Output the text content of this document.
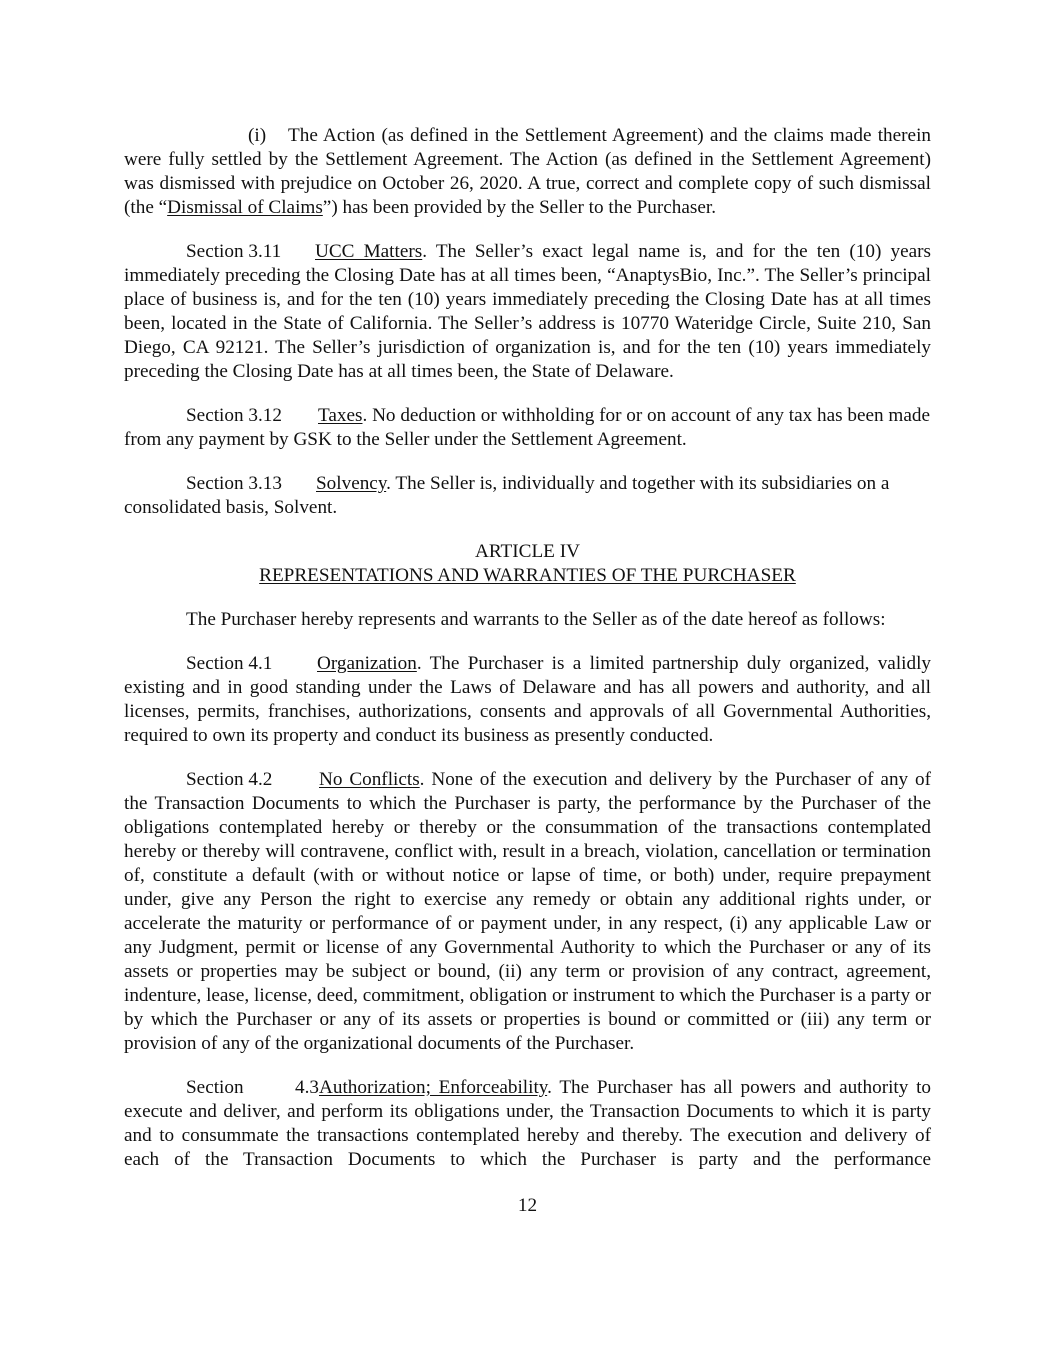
(i) The Action (as defined in the Settlement Agreement) and the claims made therein were fully settled by the Settlement Agreement. The Action (as defined in the Settlement Agreement) was dismissed with prejudice on October 26, 2020. A true, correct and complete copy of such dismissal (the “Dismissal of Claims”) has been provided by the Seller to the Purchaser.

Section 3.11 UCC Matters. The Seller’s exact legal name is, and for the ten (10) years immediately preceding the Closing Date has at all times been, “AnaptysBio, Inc.”. The Seller’s principal place of business is, and for the ten (10) years immediately preceding the Closing Date has at all times been, located in the State of California. The Seller’s address is 10770 Wateridge Circle, Suite 210, San Diego, CA 92121. The Seller’s jurisdiction of organization is, and for the ten (10) years immediately preceding the Closing Date has at all times been, the State of Delaware.

Section 3.12 Taxes. No deduction or withholding for or on account of any tax has been made from any payment by GSK to the Seller under the Settlement Agreement.

Section 3.13 Solvency. The Seller is, individually and together with its subsidiaries on a consolidated basis, Solvent.

ARTICLE IV
REPRESENTATIONS AND WARRANTIES OF THE PURCHASER

The Purchaser hereby represents and warrants to the Seller as of the date hereof as follows:

Section 4.1 Organization. The Purchaser is a limited partnership duly organized, validly existing and in good standing under the Laws of Delaware and has all powers and authority, and all licenses, permits, franchises, authorizations, consents and approvals of all Governmental Authorities, required to own its property and conduct its business as presently conducted.

Section 4.2 No Conflicts. None of the execution and delivery by the Purchaser of any of the Transaction Documents to which the Purchaser is party, the performance by the Purchaser of the obligations contemplated hereby or thereby or the consummation of the transactions contemplated hereby or thereby will contravene, conflict with, result in a breach, violation, cancellation or termination of, constitute a default (with or without notice or lapse of time, or both) under, require prepayment under, give any Person the right to exercise any remedy or obtain any additional rights under, or accelerate the maturity or performance of or payment under, in any respect, (i) any applicable Law or any Judgment, permit or license of any Governmental Authority to which the Purchaser or any of its assets or properties may be subject or bound, (ii) any term or provision of any contract, agreement, indenture, lease, license, deed, commitment, obligation or instrument to which the Purchaser is a party or by which the Purchaser or any of its assets or properties is bound or committed or (iii) any term or provision of any of the organizational documents of the Purchaser.

Section 4.3Authorization; Enforceability. The Purchaser has all powers and authority to execute and deliver, and perform its obligations under, the Transaction Documents to which it is party and to consummate the transactions contemplated hereby and thereby. The execution and delivery of each of the Transaction Documents to which the Purchaser is party and the performance

12
